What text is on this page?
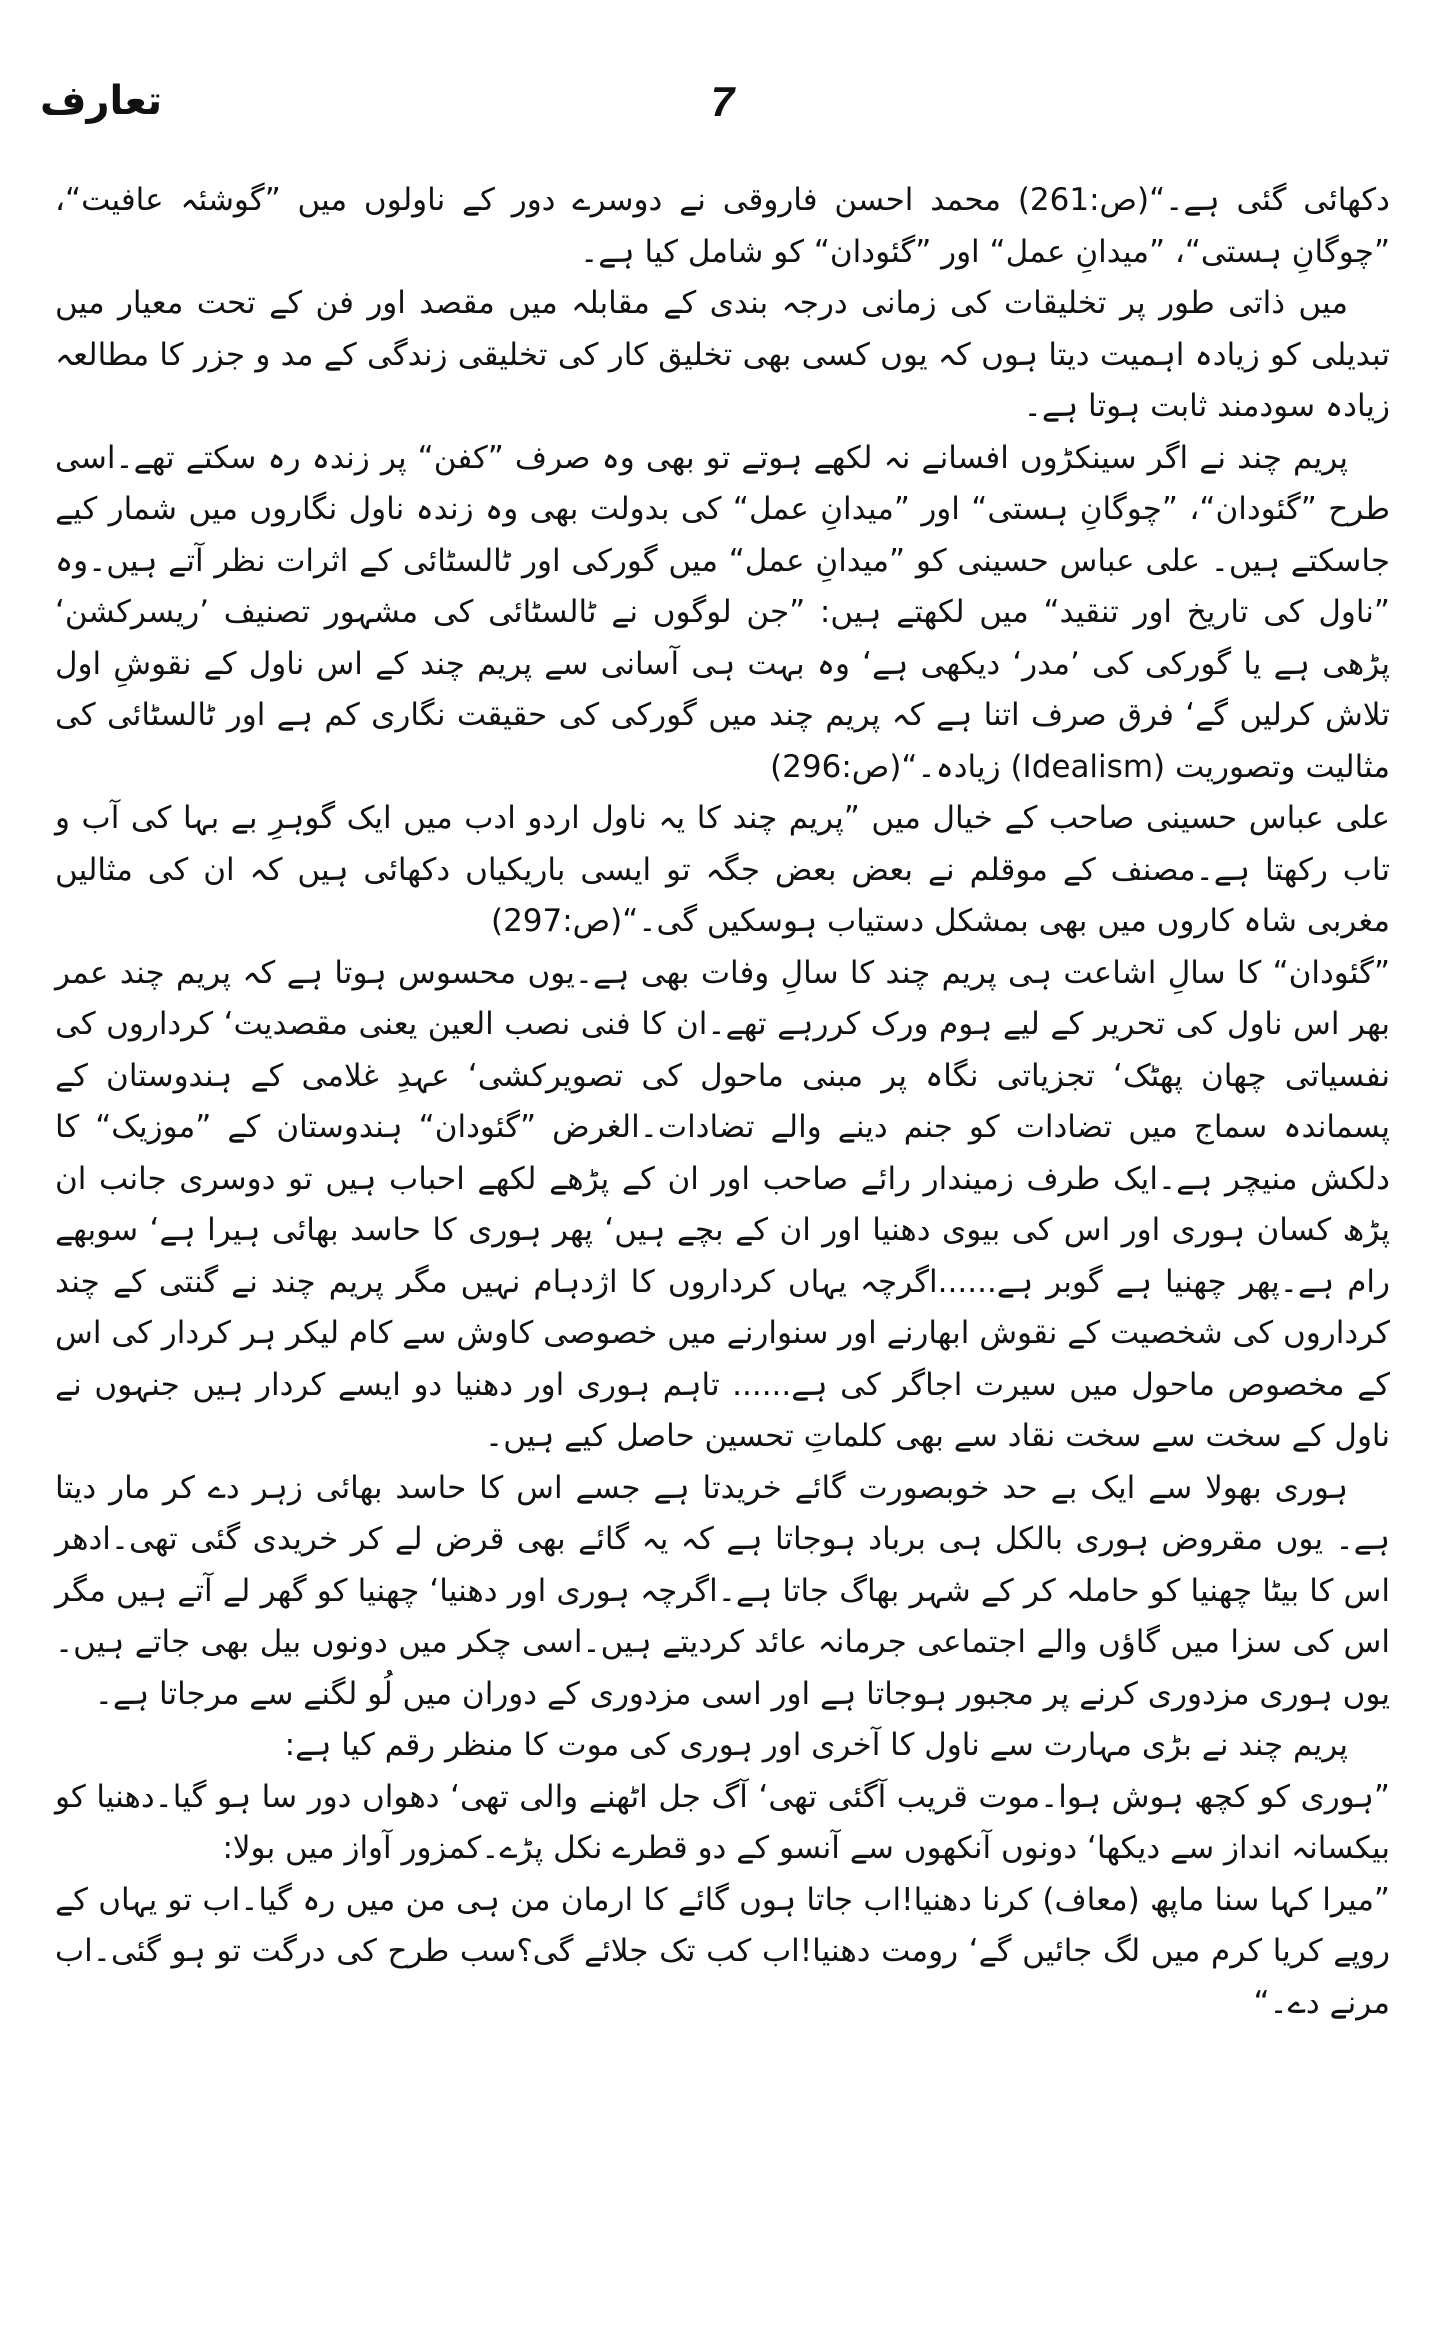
تعارف	7

دکھائی گئی ہے۔“(ص:261) محمد احسن فاروقی نے دوسرے دور کے ناولوں میں ”گوشئہ عافیت“، ”چوگانِ ہستی“، ”میدانِ عمل“ اور ”گئودان“ کو شامل کیا ہے۔

میں ذاتی طور پر تخلیقات کی زمانی درجہ بندی کے مقابلہ میں مقصد اور فن کے تحت معیار میں تبدیلی کو زیادہ اہمیت دیتا ہوں کہ یوں کسی بھی تخلیق کار کی تخلیقی زندگی کے مد و جزر کا مطالعہ زیادہ سودمند ثابت ہوتا ہے۔

پریم چند نے اگر سینکڑوں افسانے نہ لکھے ہوتے تو بھی وہ صرف ”کفن“ پر زندہ رہ سکتے تھے۔اسی طرح ”گئودان“، ”چوگانِ ہستی“ اور ”میدانِ عمل“ کی بدولت بھی وہ زندہ ناول نگاروں میں شمار کیے جاسکتے ہیں۔ علی عباس حسینی کو ”میدانِ عمل“ میں گورکی اور ٹالسٹائی کے اثرات نظر آتے ہیں۔وہ ”ناول کی تاریخ اور تنقید“ میں لکھتے ہیں: ”جن لوگوں نے ٹالسٹائی کی مشہور تصنیف ’ریسرکشن‘ پڑھی ہے یا گورکی کی ’مدر‘ دیکھی ہے‘ وہ بہت ہی آسانی سے پریم چند کے اس ناول کے نقوشِ اول تلاش کرلیں گے‘ فرق صرف اتنا ہے کہ پریم چند میں گورکی کی حقیقت نگاری کم ہے اور ٹالسٹائی کی مثالیت وتصوریت (Idealism) زیادہ۔“(ص:296)

علی عباس حسینی صاحب کے خیال میں ”پریم چند کا یہ ناول اردو ادب میں ایک گوہرِ بے بہا کی آب و تاب رکھتا ہے۔مصنف کے موقلم نے بعض بعض جگہ تو ایسی باریکیاں دکھائی ہیں کہ ان کی مثالیں مغربی شاہ کاروں میں بھی بمشکل دستیاب ہوسکیں گی۔“(ص:297)

”گئودان“ کا سالِ اشاعت ہی پریم چند کا سالِ وفات بھی ہے۔یوں محسوس ہوتا ہے کہ پریم چند عمر بھر اس ناول کی تحریر کے لیے ہوم ورک کررہے تھے۔ان کا فنی نصب العین یعنی مقصدیت‘ کرداروں کی نفسیاتی چھان پھٹک‘ تجزیاتی نگاہ پر مبنی ماحول کی تصویرکشی‘ عہدِ غلامی کے ہندوستان کے پسماندہ سماج میں تضادات کو جنم دینے والے تضادات۔الغرض ”گئودان“ ہندوستان کے ”موزیک“ کا دلکش منیچر ہے۔ایک طرف زمیندار رائے صاحب اور ان کے پڑھے لکھے احباب ہیں تو دوسری جانب ان پڑھ کسان ہوری اور اس کی بیوی دھنیا اور ان کے بچے ہیں‘ پھر ہوری کا حاسد بھائی ہیرا ہے‘ سوبھے رام ہے۔پھر چھنیا ہے گوبر ہے......اگرچہ یہاں کرداروں کا اژدہام نہیں مگر پریم چند نے گنتی کے چند کرداروں کی شخصیت کے نقوش ابھارنے اور سنوارنے میں خصوصی کاوش سے کام لیکر ہر کردار کی اس کے مخصوص ماحول میں سیرت اجاگر کی ہے...... تاہم ہوری اور دھنیا دو ایسے کردار ہیں جنہوں نے ناول کے سخت سے سخت نقاد سے بھی کلماتِ تحسین حاصل کیے ہیں۔

ہوری بھولا سے ایک بے حد خوبصورت گائے خریدتا ہے جسے اس کا حاسد بھائی زہر دے کر مار دیتا ہے۔ یوں مقروض ہوری بالکل ہی برباد ہوجاتا ہے کہ یہ گائے بھی قرض لے کر خریدی گئی تھی۔ادھر اس کا بیٹا چھنیا کو حاملہ کر کے شہر بھاگ جاتا ہے۔اگرچہ ہوری اور دھنیا‘ چھنیا کو گھر لے آتے ہیں مگر اس کی سزا میں گاؤں والے اجتماعی جرمانہ عائد کردیتے ہیں۔اسی چکر میں دونوں بیل بھی جاتے ہیں۔یوں ہوری مزدوری کرنے پر مجبور ہوجاتا ہے اور اسی مزدوری کے دوران میں لُو لگنے سے مرجاتا ہے۔

پریم چند نے بڑی مہارت سے ناول کا آخری اور ہوری کی موت کا منظر رقم کیا ہے:

”ہوری کو کچھ ہوش ہوا۔موت قریب آگئی تھی‘ آگ جل اٹھنے والی تھی‘ دھواں دور سا ہو گیا۔دھنیا کو بیکسانہ انداز سے دیکھا‘ دونوں آنکھوں سے آنسو کے دو قطرے نکل پڑے۔کمزور آواز میں بولا:

”میرا کہا سنا ماپھ (معاف) کرنا دھنیا!اب جاتا ہوں گائے کا ارمان من ہی من میں رہ گیا۔اب تو یہاں کے روپے کریا کرم میں لگ جائیں گے‘ رومت دھنیا!اب کب تک جلائے گی؟سب طرح کی درگت تو ہو گئی۔اب مرنے دے۔“
